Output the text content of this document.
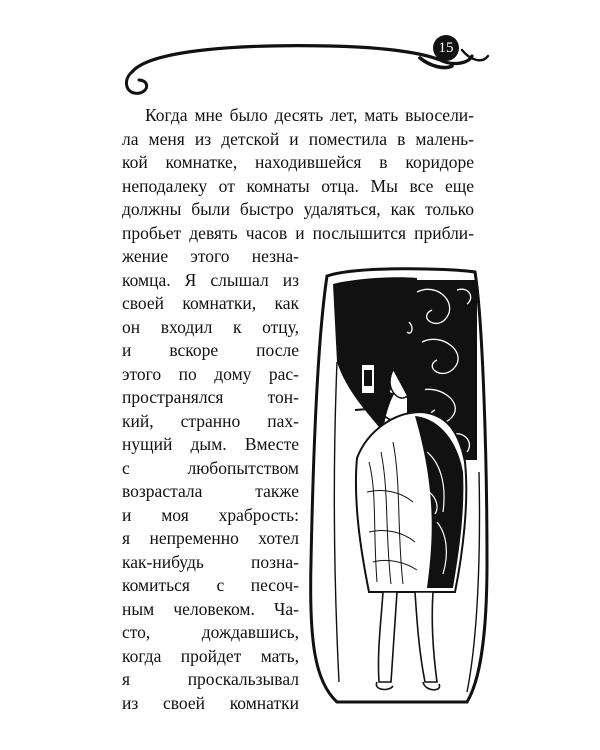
15
Когда мне было десять лет, мать выосели-
ла меня из детской и поместила в малень-
кой комнатке, находившейся в коридоре
неподалеку от комнаты отца. Мы все еще
должны были быстро удаляться, как только
пробьет девять часов и послышится прибли-
жение этого незна-
комца. Я слышал из
своей комнатки, как
он входил к отцу,
и вскоре после
этого по дому рас-
пространялся тон-
кий, странно пах-
нущий дым. Вместе
с любопытством
возрастала также
и моя храбрость:
я непременно хотел
как-нибудь позна-
комиться с песоч-
ным человеком. Ча-
сто, дождавшись,
когда пройдет мать,
я проскальзывал
из своей комнатки
